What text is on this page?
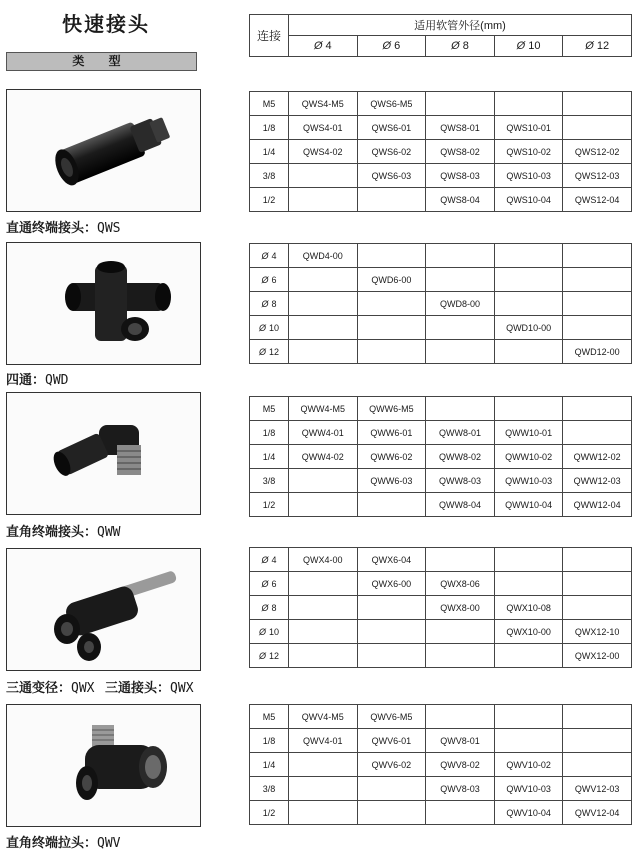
快速接头	连接	适用软管外径(mm)				
	Ø 4	Ø 6	Ø 8	Ø 10	Ø 12
类 型
直通终端接头：QWS
四通：QWD
直角终端接头：QWW
三通变径：QWX 三通接头：QWX
直角终端拉头：QWV
M5	QWS4-M5	QWS6-M5			
1/8	QWS4-01	QWS6-01	QWS8-01	QWS10-01	
1/4	QWS4-02	QWS6-02	QWS8-02	QWS10-02	QWS12-02
3/8		QWS6-03	QWS8-03	QWS10-03	QWS12-03
1/2			QWS8-04	QWS10-04	QWS12-04
Ø 4	QWD4-00				
Ø 6		QWD6-00			
Ø 8			QWD8-00		
Ø 10				QWD10-00	
Ø 12					QWD12-00
M5	QWW4-M5	QWW6-M5			
1/8	QWW4-01	QWW6-01	QWW8-01	QWW10-01	
1/4	QWW4-02	QWW6-02	QWW8-02	QWW10-02	QWW12-02
3/8		QWW6-03	QWW8-03	QWW10-03	QWW12-03
1/2			QWW8-04	QWW10-04	QWW12-04
Ø 4	QWX4-00	QWX6-04			
Ø 6		QWX6-00	QWX8-06		
Ø 8			QWX8-00	QWX10-08	
Ø 10				QWX10-00	QWX12-10
Ø 12					QWX12-00
M5	QWV4-M5	QWV6-M5			
1/8	QWV4-01	QWV6-01	QWV8-01		
1/4		QWV6-02	QWV8-02	QWV10-02	
3/8			QWV8-03	QWV10-03	QWV12-03
1/2				QWV10-04	QWV12-04
